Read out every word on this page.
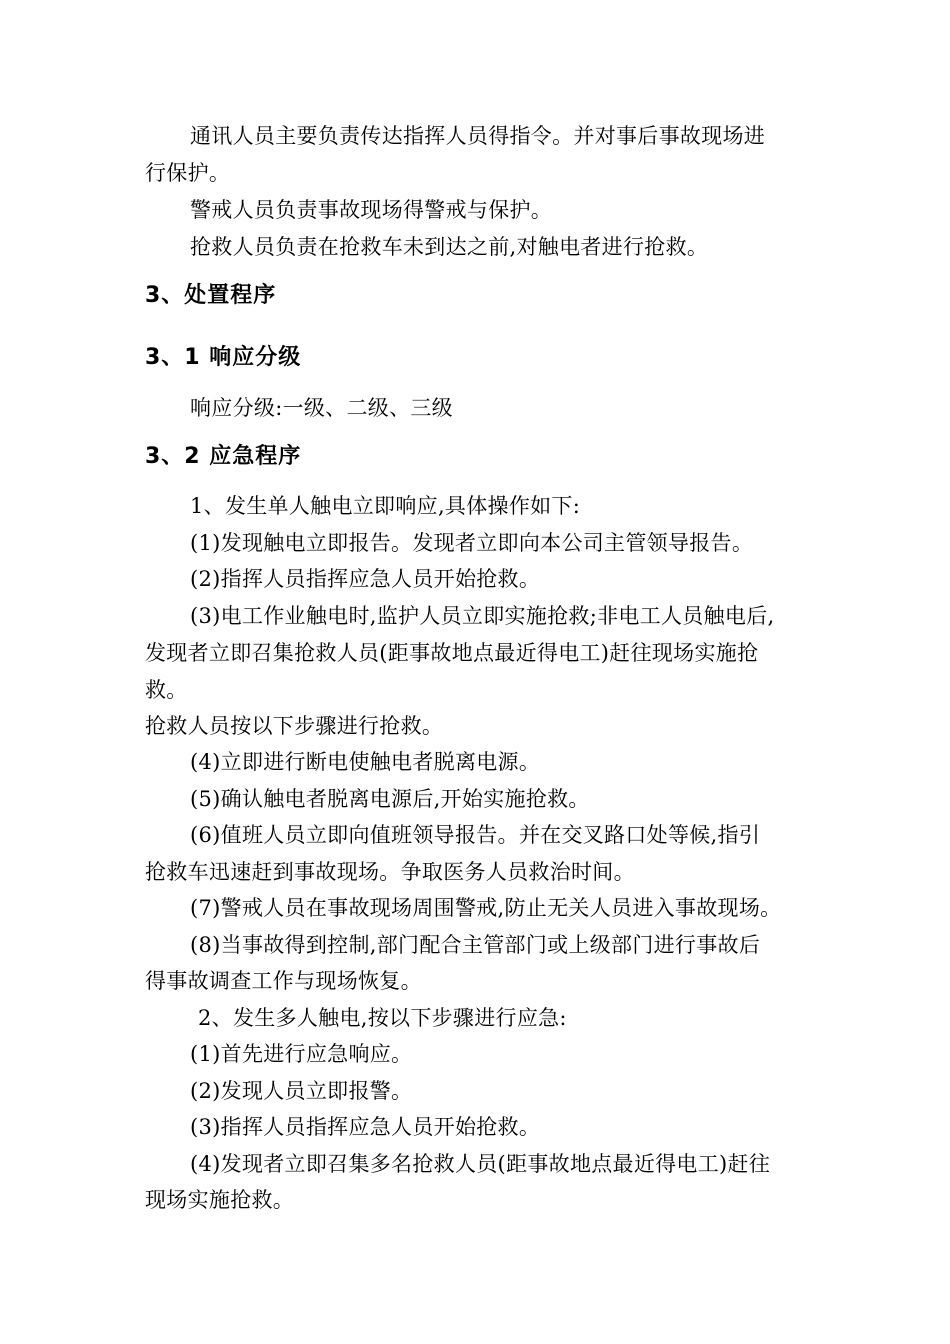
通讯人员主要负责传达指挥人员得指令。并对事后事故现场进
行保护。
警戒人员负责事故现场得警戒与保护。
抢救人员负责在抢救车未到达之前,对触电者进行抢救。
3、处置程序
3、1 响应分级
响应分级:一级、二级、三级
3、2 应急程序
1、发生单人触电立即响应,具体操作如下:
(1)发现触电立即报告。发现者立即向本公司主管领导报告。
(2)指挥人员指挥应急人员开始抢救。
(3)电工作业触电时,监护人员立即实施抢救;非电工人员触电后,
发现者立即召集抢救人员(距事故地点最近得电工)赶往现场实施抢
救。
抢救人员按以下步骤进行抢救。
(4)立即进行断电使触电者脱离电源。
(5)确认触电者脱离电源后,开始实施抢救。
(6)值班人员立即向值班领导报告。并在交叉路口处等候,指引
抢救车迅速赶到事故现场。争取医务人员救治时间。
(7)警戒人员在事故现场周围警戒,防止无关人员进入事故现场。
(8)当事故得到控制,部门配合主管部门或上级部门进行事故后
得事故调查工作与现场恢复。
2、发生多人触电,按以下步骤进行应急:
(1)首先进行应急响应。
(2)发现人员立即报警。
(3)指挥人员指挥应急人员开始抢救。
(4)发现者立即召集多名抢救人员(距事故地点最近得电工)赶往
现场实施抢救。
